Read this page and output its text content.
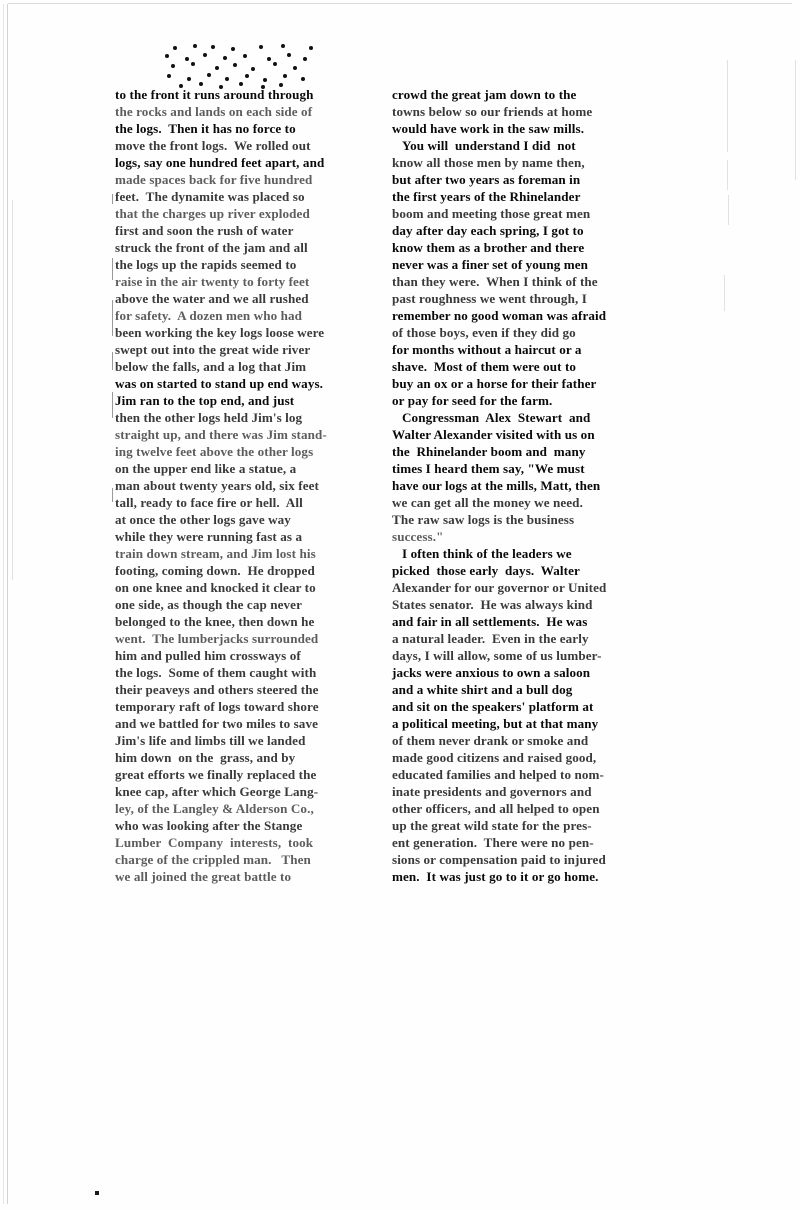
to the front it runs around through
the rocks and lands on each side of
the logs.  Then it has no force to
move the front logs.  We rolled out
logs, say one hundred feet apart, and
made spaces back for five hundred
feet.  The dynamite was placed so
that the charges up river exploded
first and soon the rush of water
struck the front of the jam and all
the logs up the rapids seemed to
raise in the air twenty to forty feet
above the water and we all rushed
for safety.  A dozen men who had
been working the key logs loose were
swept out into the great wide river
below the falls, and a log that Jim
was on started to stand up end ways.
Jim ran to the top end, and just
then the other logs held Jim's log
straight up, and there was Jim stand-
ing twelve feet above the other logs
on the upper end like a statue, a
man about twenty years old, six feet
tall, ready to face fire or hell.  All
at once the other logs gave way
while they were running fast as a
train down stream, and Jim lost his
footing, coming down.  He dropped
on one knee and knocked it clear to
one side, as though the cap never
belonged to the knee, then down he
went.  The lumberjacks surrounded
him and pulled him crossways of
the logs.  Some of them caught with
their peaveys and others steered the
temporary raft of logs toward shore
and we battled for two miles to save
Jim's life and limbs till we landed
him down  on the  grass, and by
great efforts we finally replaced the
knee cap, after which George Lang-
ley, of the Langley & Alderson Co.,
who was looking after the Stange
Lumber  Company  interests,  took
charge of the crippled man.   Then
we all joined the great battle to
crowd the great jam down to the
towns below so our friends at home
would have work in the saw mills.
You will  understand I did  not
know all those men by name then,
but after two years as foreman in
the first years of the Rhinelander
boom and meeting those great men
day after day each spring, I got to
know them as a brother and there
never was a finer set of young men
than they were.  When I think of the
past roughness we went through, I
remember no good woman was afraid
of those boys, even if they did go
for months without a haircut or a
shave.  Most of them were out to
buy an ox or a horse for their father
or pay for seed for the farm.
Congressman  Alex  Stewart  and
Walter Alexander visited with us on
the  Rhinelander boom and  many
times I heard them say, "We must
have our logs at the mills, Matt, then
we can get all the money we need.
The raw saw logs is the business
success."
I often think of the leaders we
picked  those early  days.  Walter
Alexander for our governor or United
States senator.  He was always kind
and fair in all settlements.  He was
a natural leader.  Even in the early
days, I will allow, some of us lumber-
jacks were anxious to own a saloon
and a white shirt and a bull dog
and sit on the speakers' platform at
a political meeting, but at that many
of them never drank or smoke and
made good citizens and raised good,
educated families and helped to nom-
inate presidents and governors and
other officers, and all helped to open
up the great wild state for the pres-
ent generation.  There were no pen-
sions or compensation paid to injured
men.  It was just go to it or go home.
